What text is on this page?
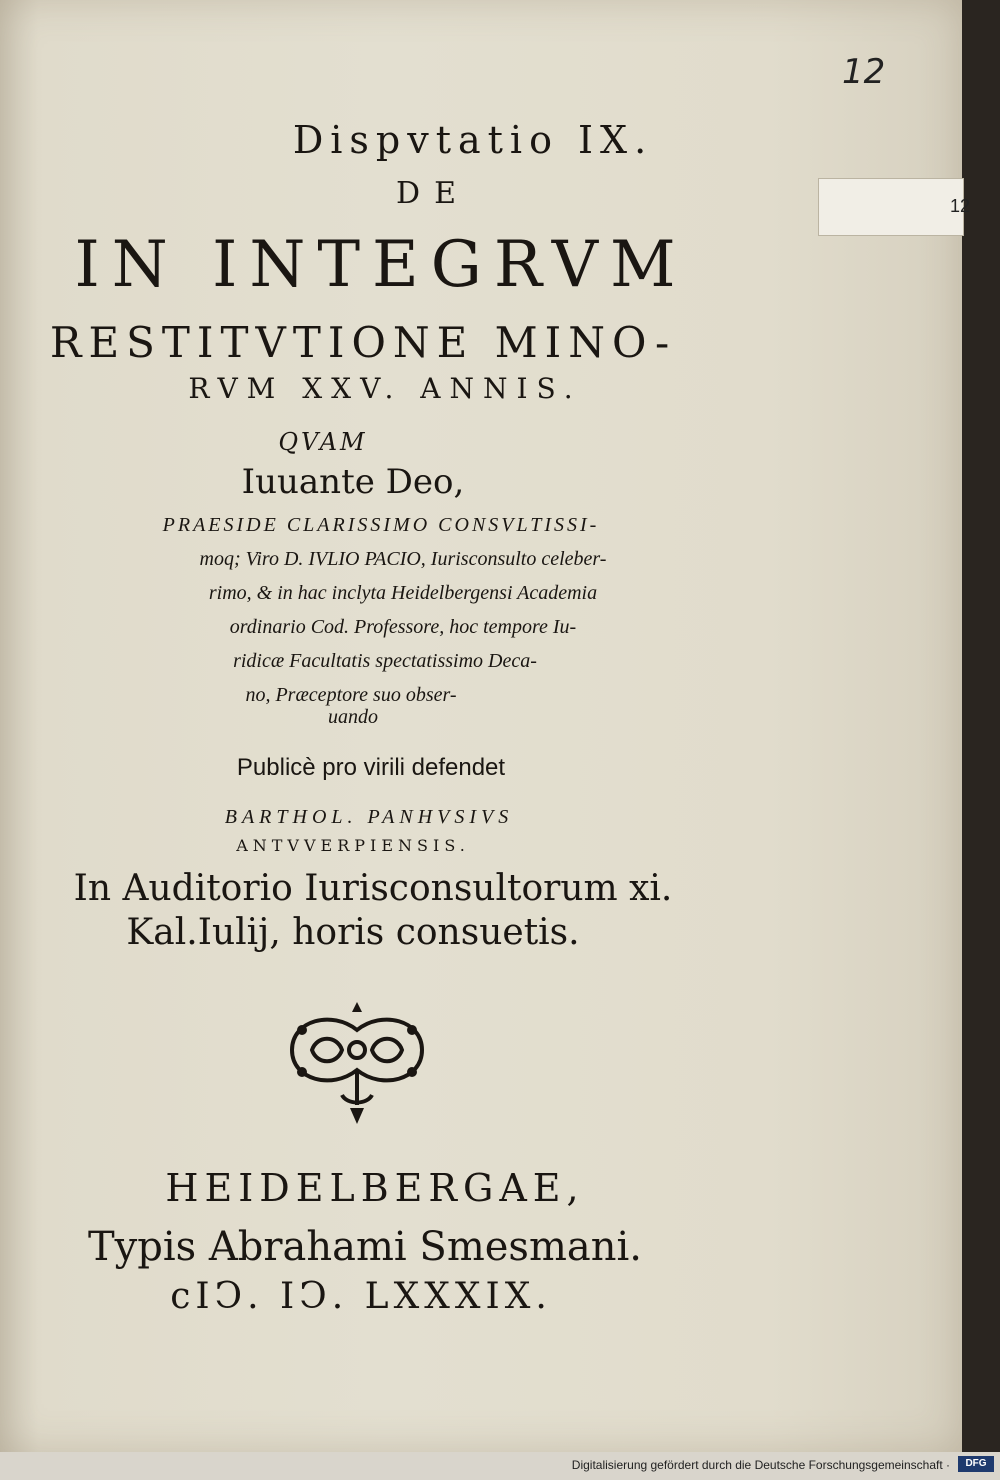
12
12
Dispvtatio IX.
DE
IN INTEGRVM
RESTITVTIONE MINO-
RVM XXV. ANNIS.
QVAM
Iuuante Deo,
PRAESIDE CLARISSIMO CONSVLTISSI-
moq; Viro D. IVLIO PACIO, Iurisconsulto celeber-
rimo, & in hac inclyta Heidelbergensi Academia
ordinario Cod. Professore, hoc tempore Iu-
ridicæ Facultatis spectatissimo Deca-
no, Præceptore suo obser-
uando
Publicè pro virili defendet
BARTHOL. PANHVSIVS
ANTVVERPIENSIS.
In Auditorio Iurisconsultorum xi.
Kal.Iulij, horis consuetis.
HEIDELBERGAE,
Typis Abrahami Smesmani.
cIↃ. IↃ. LXXXIX.
Digitalisierung gefördert durch die Deutsche Forschungsgemeinschaft ·	DFG
